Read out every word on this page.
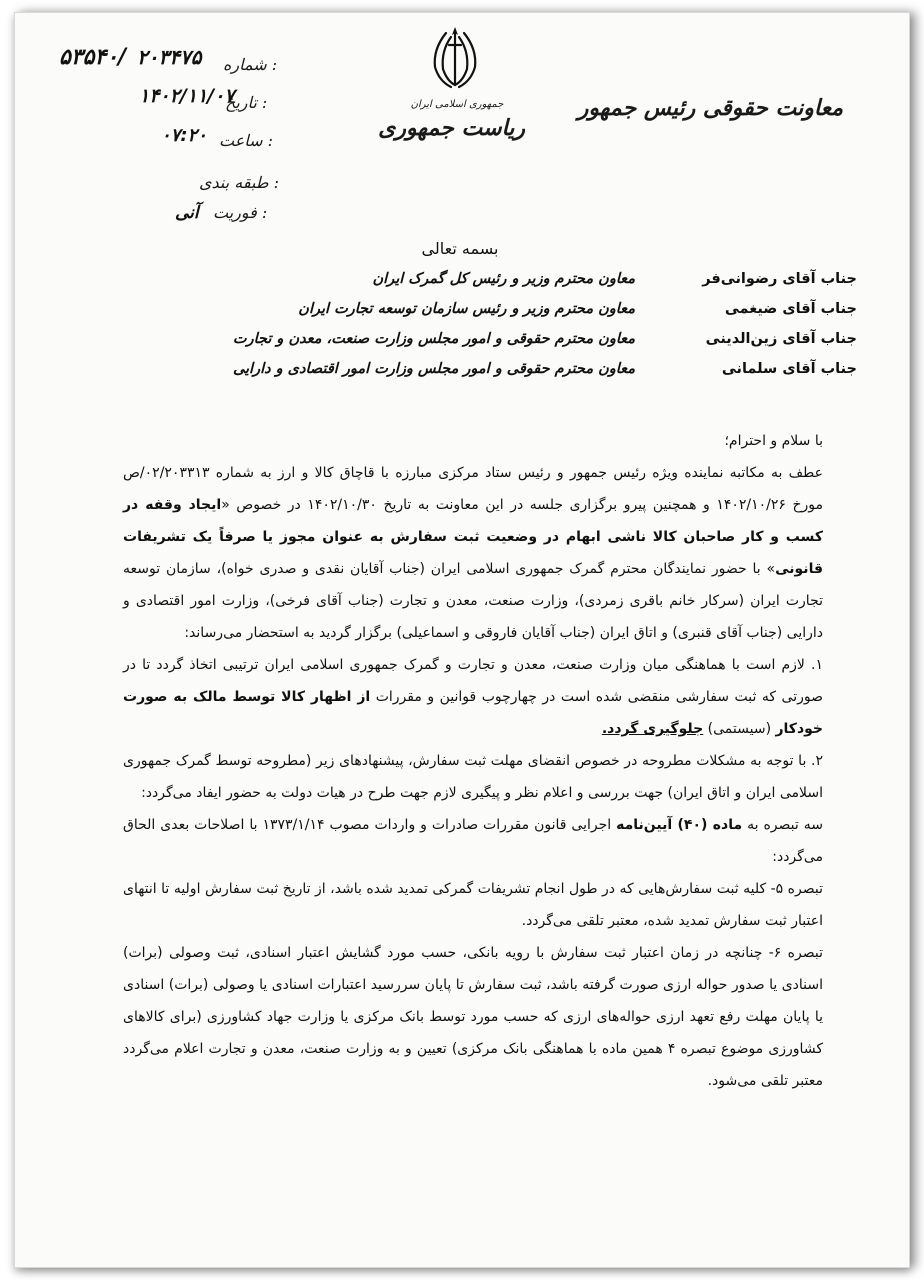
۵۳۵۴۰/	شماره :
۲۰۳۴۷۵
تاریخ :
۱۴۰۲/۱۱/۰۷
ساعت :
۰۷:۲۰
طبقه بندی :
فوریت :
آنی
جمهوری اسلامی ایران
ریاست جمهوری
معاونت حقوقی رئیس جمهور
بسمه تعالی
جناب آقای رضوانی‌فر
معاون محترم وزیر و رئیس کل گمرک ایران
جناب آقای ضیغمی
معاون محترم وزیر و رئیس سازمان توسعه تجارت ایران
جناب آقای زین‌الدینی
معاون محترم حقوقی و امور مجلس وزارت صنعت، معدن و تجارت
جناب آقای سلمانی
معاون محترم حقوقی و امور مجلس وزارت امور اقتصادی و دارایی

با سلام و احترام؛

عطف به مکاتبه نماینده ویژه رئیس جمهور و رئیس ستاد مرکزی مبارزه با قاچاق کالا و ارز به شماره ۰۲/۲۰۳۳۱۳/ص مورخ ۱۴۰۲/۱۰/۲۶ و همچنین پیرو برگزاری جلسه در این معاونت به تاریخ ۱۴۰۲/۱۰/۳۰ در خصوص «ایجاد وقفه در کسب و کار صاحبان کالا ناشی ابهام در وضعیت ثبت سفارش به عنوان مجوز یا صرفاً یک تشریفات قانونی» با حضور نمایندگان محترم گمرک جمهوری اسلامی ایران (جناب آقایان نقدی و صدری خواه)، سازمان توسعه تجارت ایران (سرکار خانم باقری زمردی)، وزارت صنعت، معدن و تجارت (جناب آقای فرخی)، وزارت امور اقتصادی و دارایی (جناب آقای قنبری) و اتاق ایران (جناب آقایان فاروقی و اسماعیلی) برگزار گردید به استحضار می‌رساند:

۱. لازم است با هماهنگی میان وزارت صنعت، معدن و تجارت و گمرک جمهوری اسلامی ایران ترتیبی اتخاذ گردد تا در صورتی که ثبت سفارشی منقضی شده است در چهارچوب قوانین و مقررات از اظهار کالا توسط مالک به صورت خودکار (سیستمی) جلوگیری گردد.

۲. با توجه به مشکلات مطروحه در خصوص انقضای مهلت ثبت سفارش، پیشنهادهای زیر (مطروحه توسط گمرک جمهوری اسلامی ایران و اتاق ایران) جهت بررسی و اعلام نظر و پیگیری لازم جهت طرح در هیات دولت به حضور ایفاد می‌گردد:

سه تبصره به ماده (۴۰) آیین‌نامه اجرایی قانون مقررات صادرات و واردات مصوب ۱۳۷۳/۱/۱۴ با اصلاحات بعدی الحاق می‌گردد:

تبصره ۵- کلیه ثبت سفارش‌هایی که در طول انجام تشریفات گمرکی تمدید شده باشد، از تاریخ ثبت سفارش اولیه تا انتهای اعتبار ثبت سفارش تمدید شده، معتبر تلقی می‌گردد.

تبصره ۶- چنانچه در زمان اعتبار ثبت سفارش با رویه بانکی، حسب مورد گشایش اعتبار اسنادی، ثبت وصولی (برات) اسنادی یا صدور حواله ارزی صورت گرفته باشد، ثبت سفارش تا پایان سررسید اعتبارات اسنادی یا وصولی (برات) اسنادی یا پایان مهلت رفع تعهد ارزی حواله‌های ارزی که حسب مورد توسط بانک مرکزی یا وزارت جهاد کشاورزی (برای کالاهای کشاورزی موضوع تبصره ۴ همین ماده با هماهنگی بانک مرکزی) تعیین و به وزارت صنعت، معدن و تجارت اعلام می‌گردد معتبر تلقی می‌شود.
